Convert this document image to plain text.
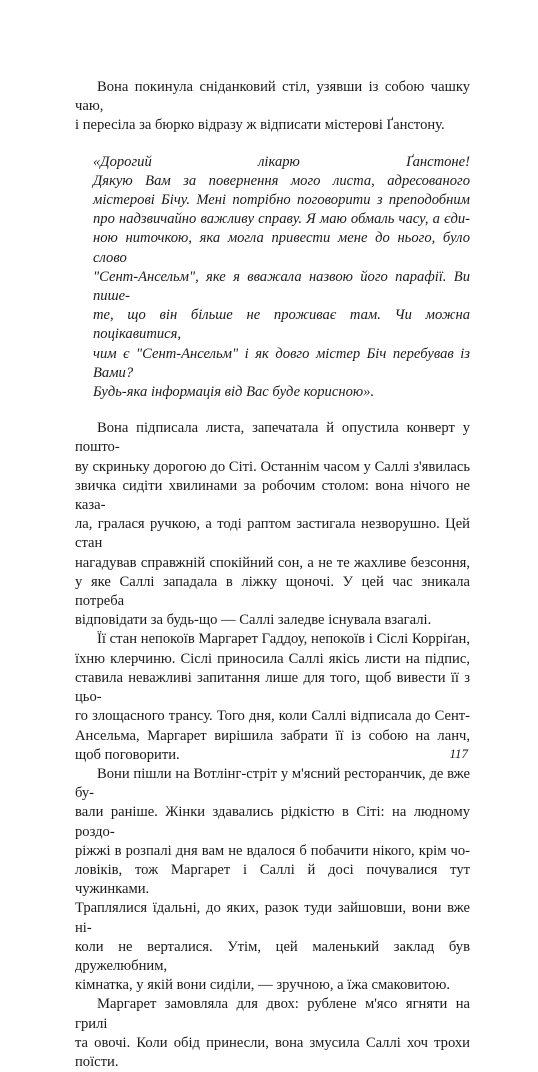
Вона покинула сніданковий стіл, узявши із собою чашку чаю,
і пересіла за бюрко відразу ж відписати містерові Ґанстону.

«Дорогий лікарю Ґанстоне!
Дякую Вам за повернення мого листа, адресованого
містерові Бічу. Мені потрібно поговорити з преподобним
про надзвичайно важливу справу. Я маю обмаль часу, а єди-
ною ниточкою, яка могла привести мене до нього, було слово
"Сент-Ансельм", яке я вважала назвою його парафії. Ви пише-
те, що він більше не проживає там. Чи можна поцікавитися,
чим є "Сент-Ансельм" і як довго містер Біч перебував із Вами?
Будь-яка інформація від Вас буде корисною».

Вона підписала листа, запечатала й опустила конверт у пошто-
ву скриньку дорогою до Сіті. Останнім часом у Саллі з'явилась
звичка сидіти хвилинами за робочим столом: вона нічого не каза-
ла, гралася ручкою, а тоді раптом застигала незворушно. Цей стан
нагадував справжній спокійний сон, а не те жахливе безсоння,
у яке Саллі западала в ліжку щоночі. У цей час зникала потреба
відповідати за будь-що — Саллі заледве існувала взагалі.

Її стан непокоїв Маргарет Гаддоу, непокоїв і Сіслі Корріґан,
їхню клерчиню. Сіслі приносила Саллі якісь листи на підпис,
ставила неважливі запитання лише для того, щоб вивести її з цьо-
го злощасного трансу. Того дня, коли Саллі відписала до Сент-
Ансельма, Маргарет вирішила забрати її із собою на ланч,
щоб поговорити.

Вони пішли на Вотлінг-стріт у м'ясний ресторанчик, де вже бу-
вали раніше. Жінки здавались рідкістю в Сіті: на людному роздо-
ріжжі в розпалі дня вам не вдалося б побачити нікого, крім чо-
ловіків, тож Маргарет і Саллі й досі почувалися тут чужинками.
Траплялися їдальні, до яких, разок туди зайшовши, вони вже ні-
коли не верталися. Утім, цей маленький заклад був дружелюбним,
кімнатка, у якій вони сиділи, — зручною, а їжа смаковитою.

Маргарет замовляла для двох: рублене м'ясо ягняти на грилі
та овочі. Коли обід принесли, вона змусила Саллі хоч трохи поїсти.

117
